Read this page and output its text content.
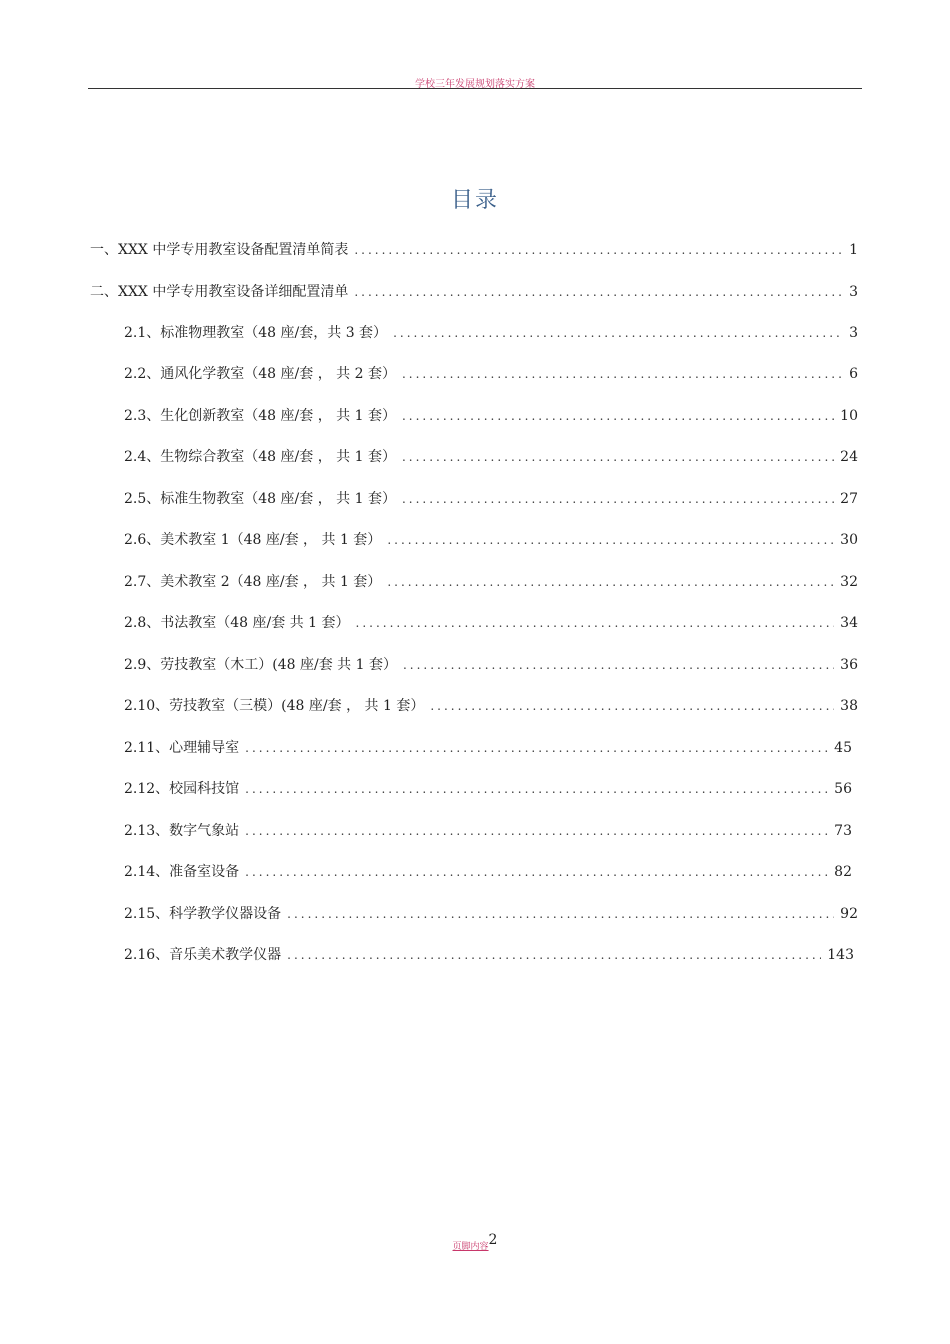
学校三年发展规划落实方案
目录
一、XXX 中学专用教室设备配置清单简表 .....	1
二、XXX 中学专用教室设备详细配置清单 .....	3
2.1、标准物理教室（48 座/套，共 3 套） .....	3
2.2、通风化学教室（48 座/套 ， 共 2 套） .....	6
2.3、生化创新教室（48 座/套 ， 共 1 套） .....	10
2.4、生物综合教室（48 座/套 ， 共 1 套） .....	24
2.5、标准生物教室（48 座/套 ， 共 1 套） .....	27
2.6、美术教室 1（48 座/套 ， 共 1 套） .....	30
2.7、美术教室 2（48 座/套 ， 共 1 套） .....	32
2.8、书法教室（48 座/套 共 1 套） .....	34
2.9、劳技教室（木工）(48 座/套 共 1 套） .....	36
2.10、劳技教室（三模）(48 座/套 ， 共 1 套） .....	38
2.11、心理辅导室 .....	45
2.12、校园科技馆 .....	56
2.13、数字气象站 .....	73
2.14、准备室设备 .....	82
2.15、科学教学仪器设备 .....	92
2.16、音乐美术教学仪器 .....	143
页脚内容2
